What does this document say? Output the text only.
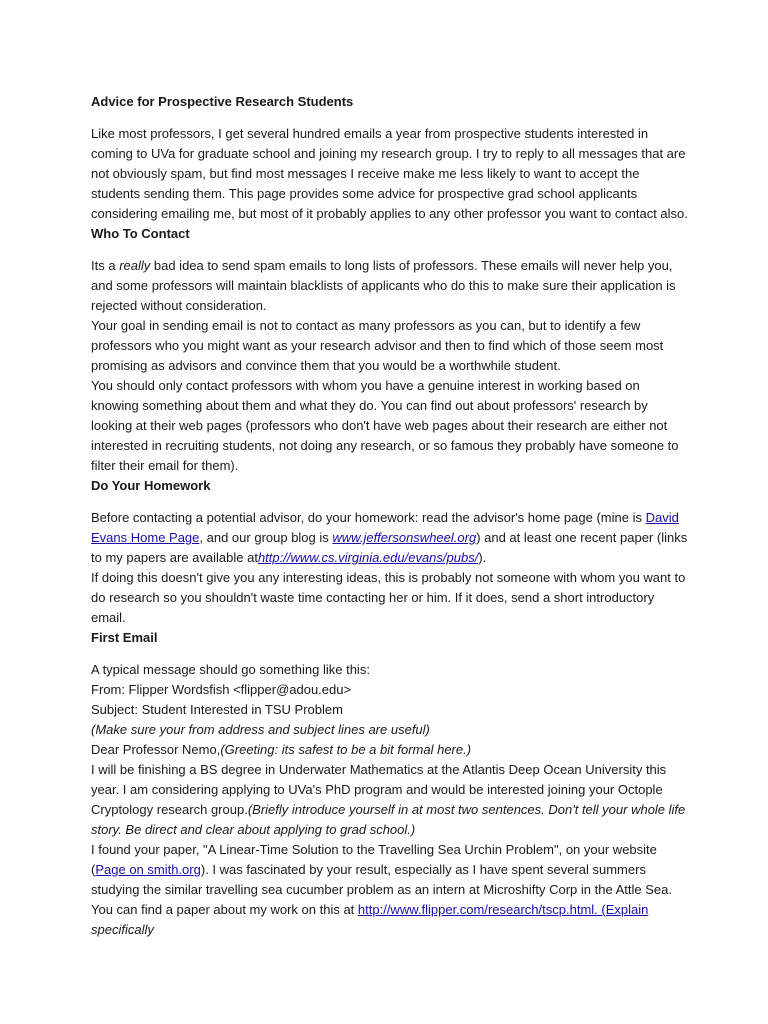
Advice for Prospective Research Students

Like most professors, I get several hundred emails a year from prospective students interested in coming to UVa for graduate school and joining my research group. I try to reply to all messages that are not obviously spam, but find most messages I receive make me less likely to want to accept the students sending them. This page provides some advice for prospective grad school applicants considering emailing me, but most of it probably applies to any other professor you want to contact also.

Who To Contact

Its a really bad idea to send spam emails to long lists of professors. These emails will never help you, and some professors will maintain blacklists of applicants who do this to make sure their application is rejected without consideration.

Your goal in sending email is not to contact as many professors as you can, but to identify a few professors who you might want as your research advisor and then to find which of those seem most promising as advisors and convince them that you would be a worthwhile student.

You should only contact professors with whom you have a genuine interest in working based on knowing something about them and what they do. You can find out about professors' research by looking at their web pages (professors who don't have web pages about their research are either not interested in recruiting students, not doing any research, or so famous they probably have someone to filter their email for them).

Do Your Homework

Before contacting a potential advisor, do your homework: read the advisor's home page (mine is David Evans Home Page, and our group blog is www.jeffersonswheel.org) and at least one recent paper (links to my papers are available athttp://www.cs.virginia.edu/evans/pubs/).

If doing this doesn't give you any interesting ideas, this is probably not someone with whom you want to do research so you shouldn't waste time contacting her or him. If it does, send a short introductory email.

First Email

A typical message should go something like this:

From: Flipper Wordsfish <flipper@adou.edu>

Subject: Student Interested in TSU Problem

(Make sure your from address and subject lines are useful)

Dear Professor Nemo,(Greeting: its safest to be a bit formal here.)

I will be finishing a BS degree in Underwater Mathematics at the Atlantis Deep Ocean University this year. I am considering applying to UVa's PhD program and would be interested joining your Octople Cryptology research group.(Briefly introduce yourself in at most two sentences. Don't tell your whole life story. Be direct and clear about applying to grad school.)

I found your paper, "A Linear-Time Solution to the Travelling Sea Urchin Problem", on your website (Page on smith.org). I was fascinated by your result, especially as I have spent several summers studying the similar travelling sea cucumber problem as an intern at Microshifty Corp in the Attle Sea. You can find a paper about my work on this at http://www.flipper.com/research/tscp.html. (Explain specifically
